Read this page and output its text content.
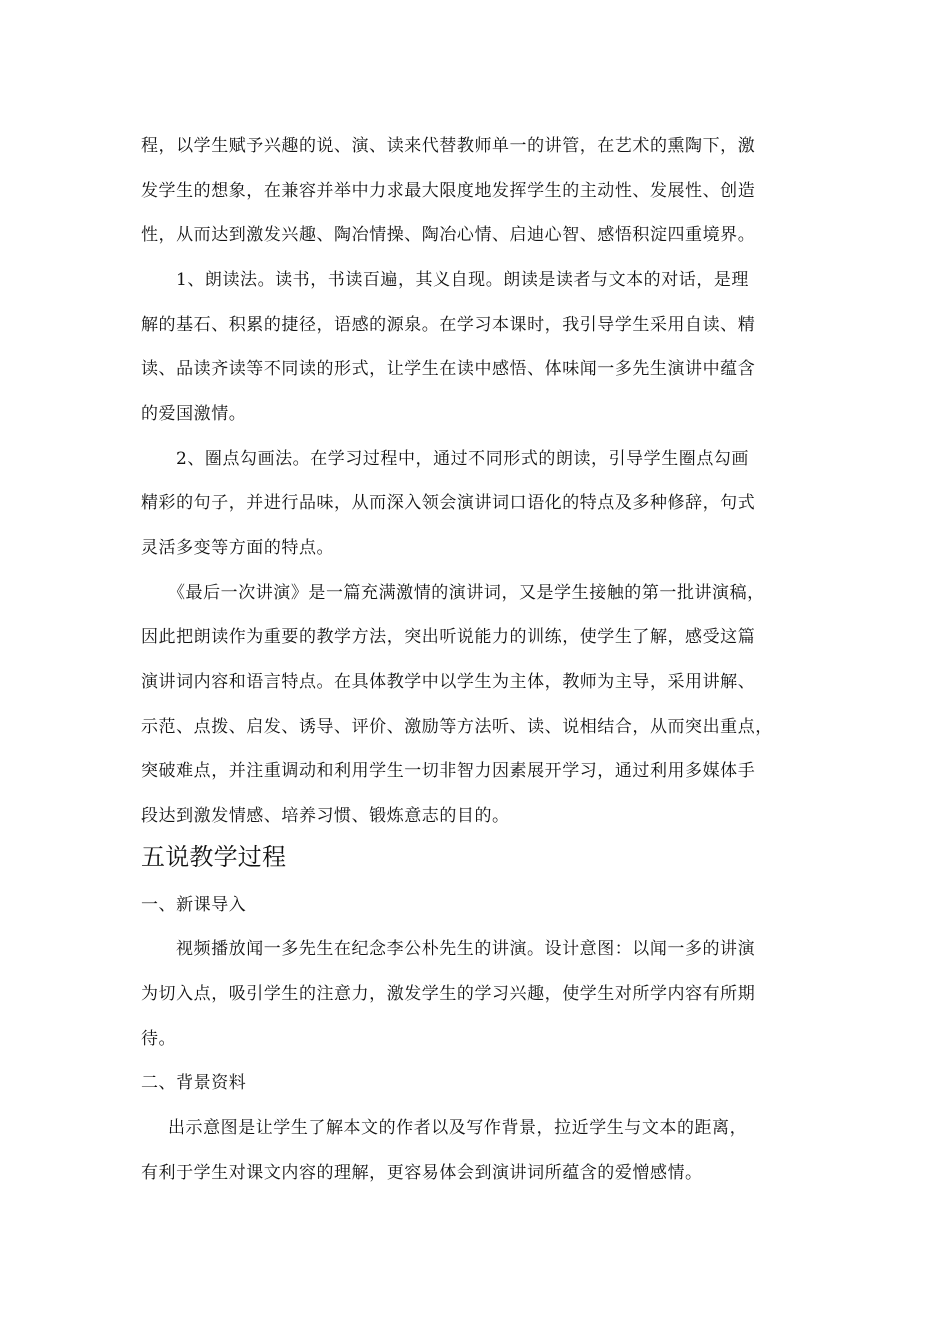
程，以学生赋予兴趣的说、演、读来代替教师单一的讲管，在艺术的熏陶下，激
发学生的想象，在兼容并举中力求最大限度地发挥学生的主动性、发展性、创造
性，从而达到激发兴趣、陶冶情操、陶冶心情、启迪心智、感悟积淀四重境界。
1、朗读法。读书，书读百遍，其义自现。朗读是读者与文本的对话，是理
解的基石、积累的捷径，语感的源泉。在学习本课时，我引导学生采用自读、精
读、品读齐读等不同读的形式，让学生在读中感悟、体味闻一多先生演讲中蕴含
的爱国激情。
2、圈点勾画法。在学习过程中，通过不同形式的朗读，引导学生圈点勾画
精彩的句子，并进行品味，从而深入领会演讲词口语化的特点及多种修辞，句式
灵活多变等方面的特点。
《最后一次讲演》是一篇充满激情的演讲词，又是学生接触的第一批讲演稿，
因此把朗读作为重要的教学方法，突出听说能力的训练，使学生了解，感受这篇
演讲词内容和语言特点。在具体教学中以学生为主体，教师为主导，采用讲解、
示范、点拨、启发、诱导、评价、激励等方法听、读、说相结合，从而突出重点，
突破难点，并注重调动和利用学生一切非智力因素展开学习，通过利用多媒体手
段达到激发情感、培养习惯、锻炼意志的目的。
五说教学过程
一、新课导入
视频播放闻一多先生在纪念李公朴先生的讲演。设计意图：以闻一多的讲演
为切入点，吸引学生的注意力，激发学生的学习兴趣，使学生对所学内容有所期
待。
二、背景资料
出示意图是让学生了解本文的作者以及写作背景，拉近学生与文本的距离，
有利于学生对课文内容的理解，更容易体会到演讲词所蕴含的爱憎感情。
